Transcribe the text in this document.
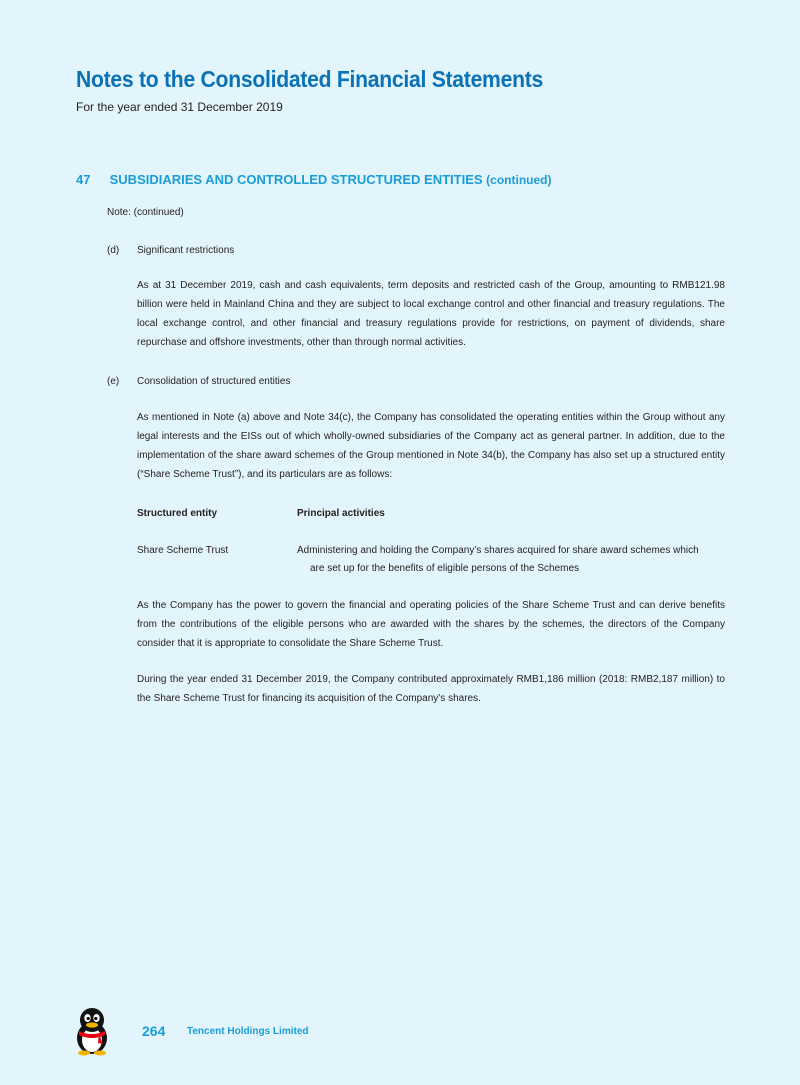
Notes to the Consolidated Financial Statements
For the year ended 31 December 2019
47 SUBSIDIARIES AND CONTROLLED STRUCTURED ENTITIES (continued)
Note: (continued)
(d) Significant restrictions
As at 31 December 2019, cash and cash equivalents, term deposits and restricted cash of the Group, amounting to RMB121.98 billion were held in Mainland China and they are subject to local exchange control and other financial and treasury regulations. The local exchange control, and other financial and treasury regulations provide for restrictions, on payment of dividends, share repurchase and offshore investments, other than through normal activities.
(e) Consolidation of structured entities
As mentioned in Note (a) above and Note 34(c), the Company has consolidated the operating entities within the Group without any legal interests and the EISs out of which wholly-owned subsidiaries of the Company act as general partner. In addition, due to the implementation of the share award schemes of the Group mentioned in Note 34(b), the Company has also set up a structured entity (“Share Scheme Trust”), and its particulars are as follows:
Structured entity	Principal activities
Share Scheme Trust	Administering and holding the Company’s shares acquired for share award schemes which
are set up for the benefits of eligible persons of the Schemes
As the Company has the power to govern the financial and operating policies of the Share Scheme Trust and can derive benefits from the contributions of the eligible persons who are awarded with the shares by the schemes, the directors of the Company consider that it is appropriate to consolidate the Share Scheme Trust.
During the year ended 31 December 2019, the Company contributed approximately RMB1,186 million (2018: RMB2,187 million) to the Share Scheme Trust for financing its acquisition of the Company’s shares.
264 Tencent Holdings Limited
